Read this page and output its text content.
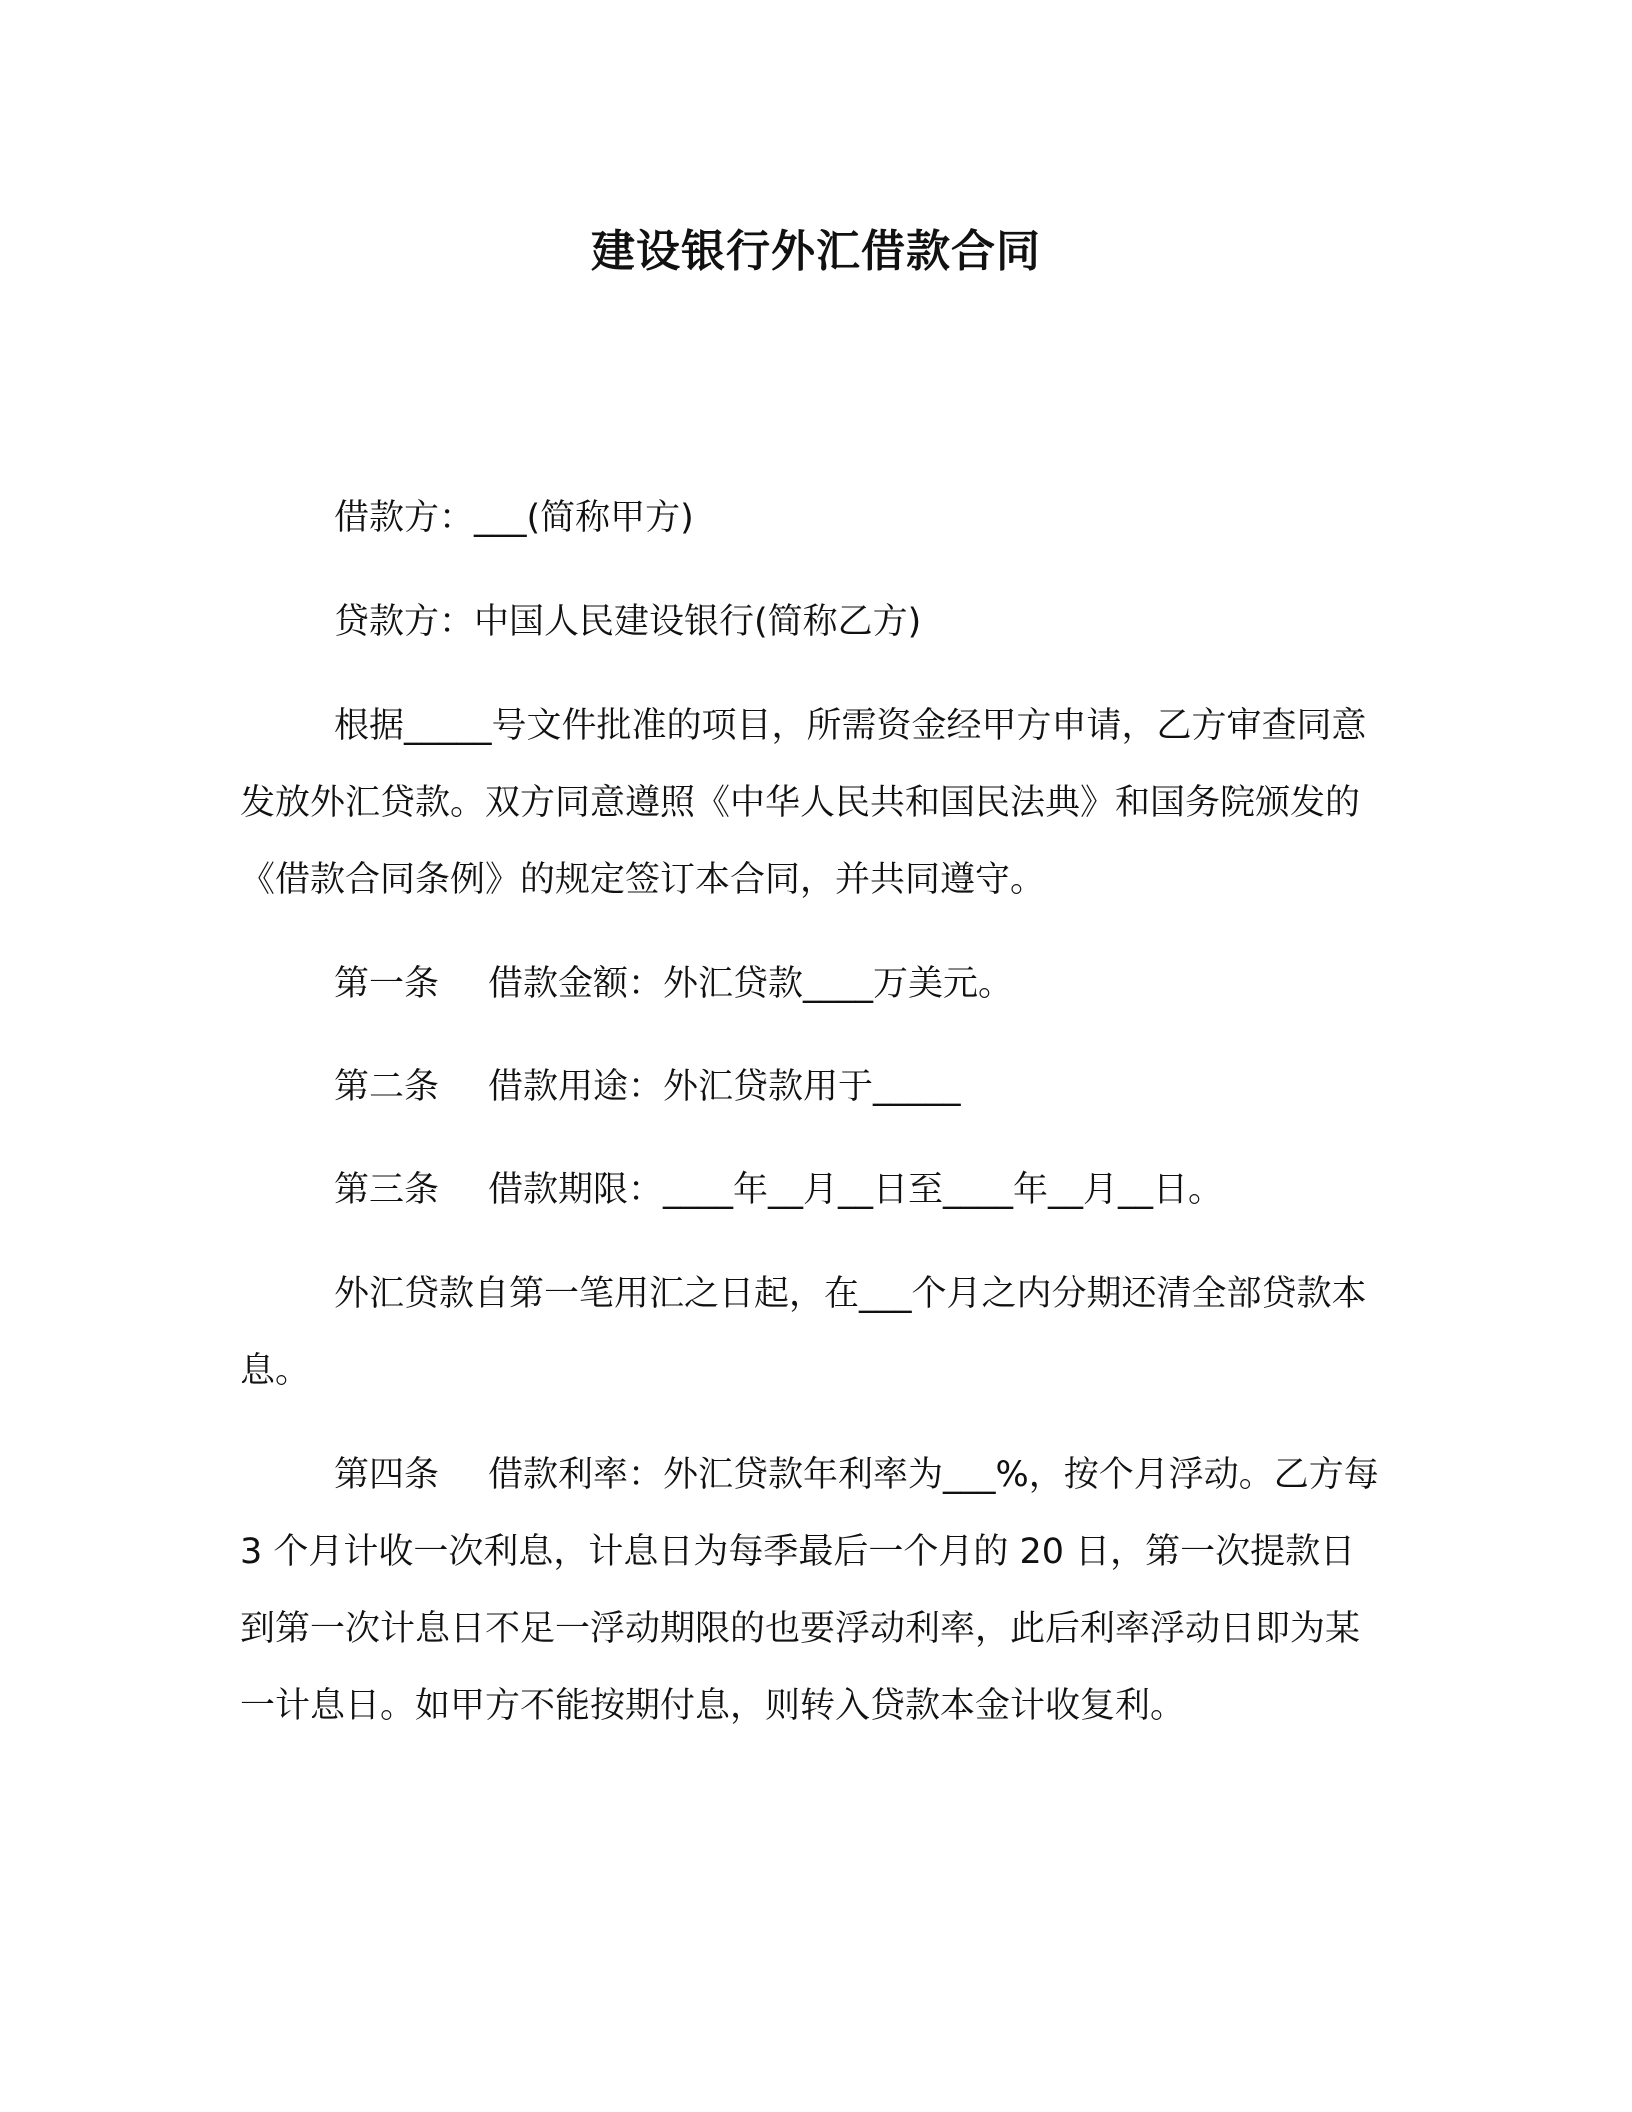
建设银行外汇借款合同

借款方：___(简称甲方)

贷款方：中国人民建设银行(简称乙方)

根据_____号文件批准的项目，所需资金经甲方申请，乙方审查同意发放外汇贷款。双方同意遵照《中华人民共和国民法典》和国务院颁发的《借款合同条例》的规定签订本合同，并共同遵守。

第一条 借款金额：外汇贷款____万美元。

第二条 借款用途：外汇贷款用于_____

第三条 借款期限：____年__月__日至____年__月__日。

外汇贷款自第一笔用汇之日起，在___个月之内分期还清全部贷款本息。

第四条 借款利率：外汇贷款年利率为___%，按个月浮动。乙方每 3 个月计收一次利息，计息日为每季最后一个月的 20 日，第一次提款日到第一次计息日不足一浮动期限的也要浮动利率，此后利率浮动日即为某一计息日。如甲方不能按期付息，则转入贷款本金计收复利。
